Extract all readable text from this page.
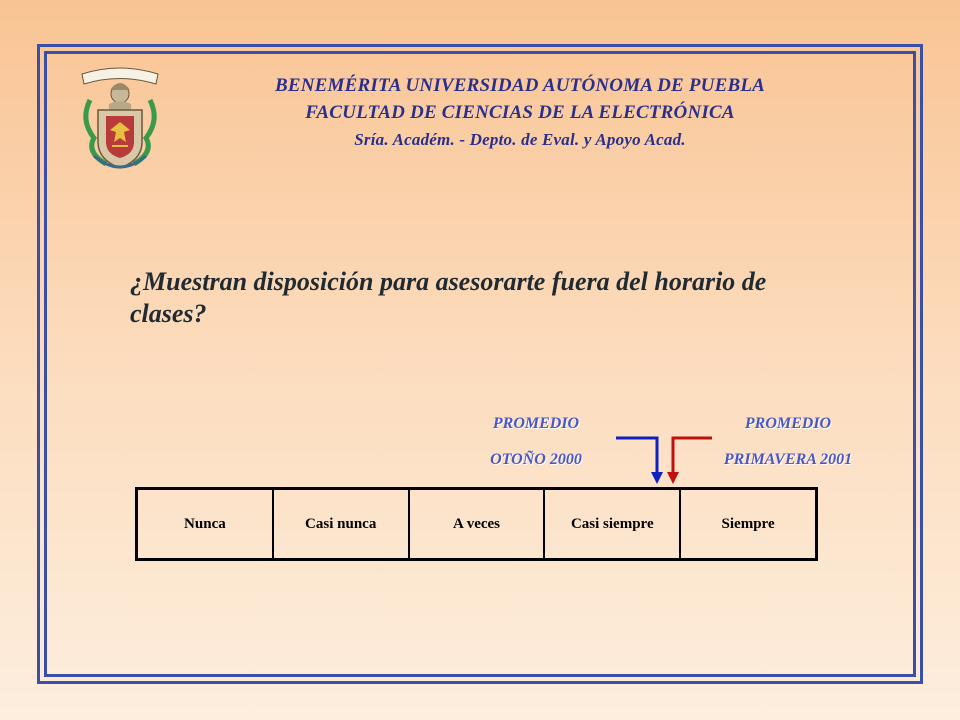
BENEMÉRITA UNIVERSIDAD AUTÓNOMA DE PUEBLA
FACULTAD DE CIENCIAS DE LA ELECTRÓNICA
Sría. Académ. - Depto. de Eval. y Apoyo Acad.
¿Muestran disposición para asesorarte fuera del horario de clases?
PROMEDIO
OTOÑO 2000
PROMEDIO
PRIMAVERA 2001
Nunca	Casi nunca	A veces	Casi siempre	Siempre
